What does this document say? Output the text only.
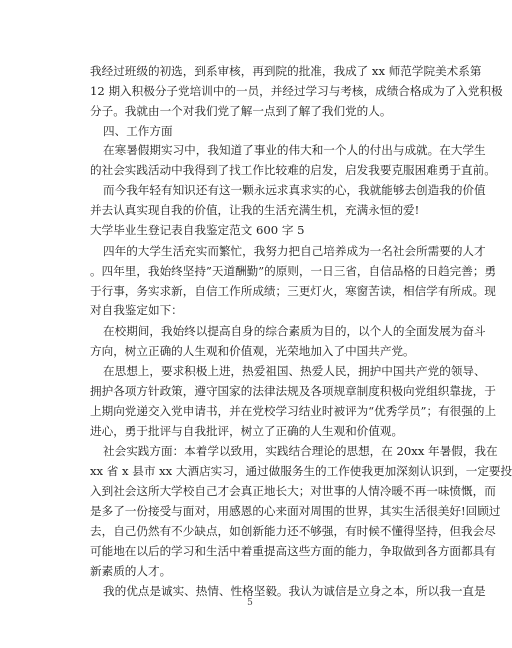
我经过班级的初选，到系审核，再到院的批准，我成了 xx 师范学院美术系第
12 期入积极分子党培训中的一员，并经过学习与考核，成绩合格成为了入党积极
分子。我就由一个对我们党了解一点到了解了我们党的人。
四、工作方面
在寒暑假期实习中，我知道了事业的伟大和一个人的付出与成就。在大学生
的社会实践活动中我得到了找工作比较难的启发，启发我要克服困难勇于直前。
而今我年轻有知识还有这一颗永远求真求实的心，我就能够去创造我的价值
并去认真实现自我的价值，让我的生活充满生机，充满永恒的爱!
大学毕业生登记表自我鉴定范文 600 字 5
四年的大学生活充实而繁忙，我努力把自己培养成为一名社会所需要的人才
。四年里，我始终坚持”天道酬勤”的原则，一日三省，自信品格的日趋完善；勇
于行事，务实求新，自信工作所成绩；三更灯火，寒窗苦读，相信学有所成。现
对自我鉴定如下：
在校期间，我始终以提高自身的综合素质为目的，以个人的全面发展为奋斗
方向，树立正确的人生观和价值观，光荣地加入了中国共产党。
在思想上，要求积极上进，热爱祖国、热爱人民，拥护中国共产党的领导、
拥护各项方针政策，遵守国家的法律法规及各项规章制度积极向党组织靠拢，于
上期向党递交入党申请书，并在党校学习结业时被评为“优秀学员”；有很强的上
进心，勇于批评与自我批评，树立了正确的人生观和价值观。
社会实践方面：本着学以致用，实践结合理论的思想，在 20xx 年暑假，我在
xx 省 x 县市 xx 大酒店实习，通过做服务生的工作使我更加深刻认识到，一定要投
入到社会这所大学校自己才会真正地长大；对世事的人情冷暖不再一味愤慨，而
是多了一份接受与面对，用感恩的心来面对周围的世界，其实生活很美好!回顾过
去，自己仍然有不少缺点，如创新能力还不够强，有时候不懂得坚持，但我会尽
可能地在以后的学习和生活中着重提高这些方面的能力，争取做到各方面都具有
新素质的人才。
我的优点是诚实、热情、性格坚毅。我认为诚信是立身之本，所以我一直是
5
